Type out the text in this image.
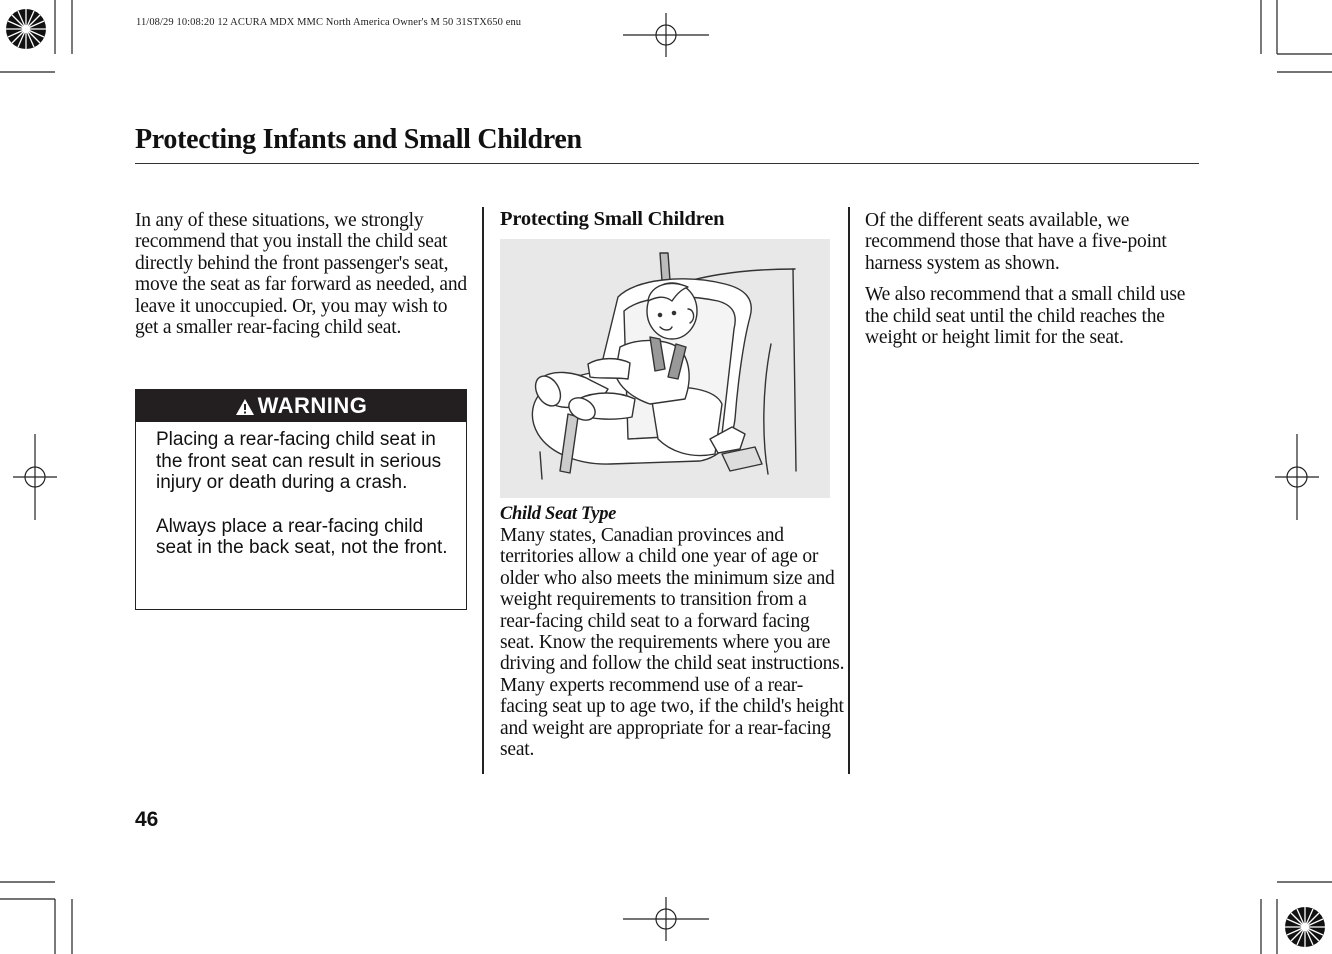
11/08/29 10:08:20 12 ACURA MDX MMC North America Owner's M 50 31STX650 enu
Protecting Infants and Small Children

In any of these situations, we strongly recommend that you install the child seat directly behind the front passenger's seat, move the seat as far forward as needed, and leave it unoccupied. Or, you may wish to get a smaller rear-facing child seat.

WARNING

Placing a rear-facing child seat in the front seat can result in serious injury or death during a crash.

Always place a rear-facing child seat in the back seat, not the front.

Protecting Small Children
Child Seat Type

Many states, Canadian provinces and territories allow a child one year of age or older who also meets the minimum size and weight requirements to transition from a rear-facing child seat to a forward facing seat. Know the requirements where you are driving and follow the child seat instructions. Many experts recommend use of a rear-facing seat up to age two, if the child's height and weight are appropriate for a rear-facing seat.

Of the different seats available, we recommend those that have a five-point harness system as shown.

We also recommend that a small child use the child seat until the child reaches the weight or height limit for the seat.

46
